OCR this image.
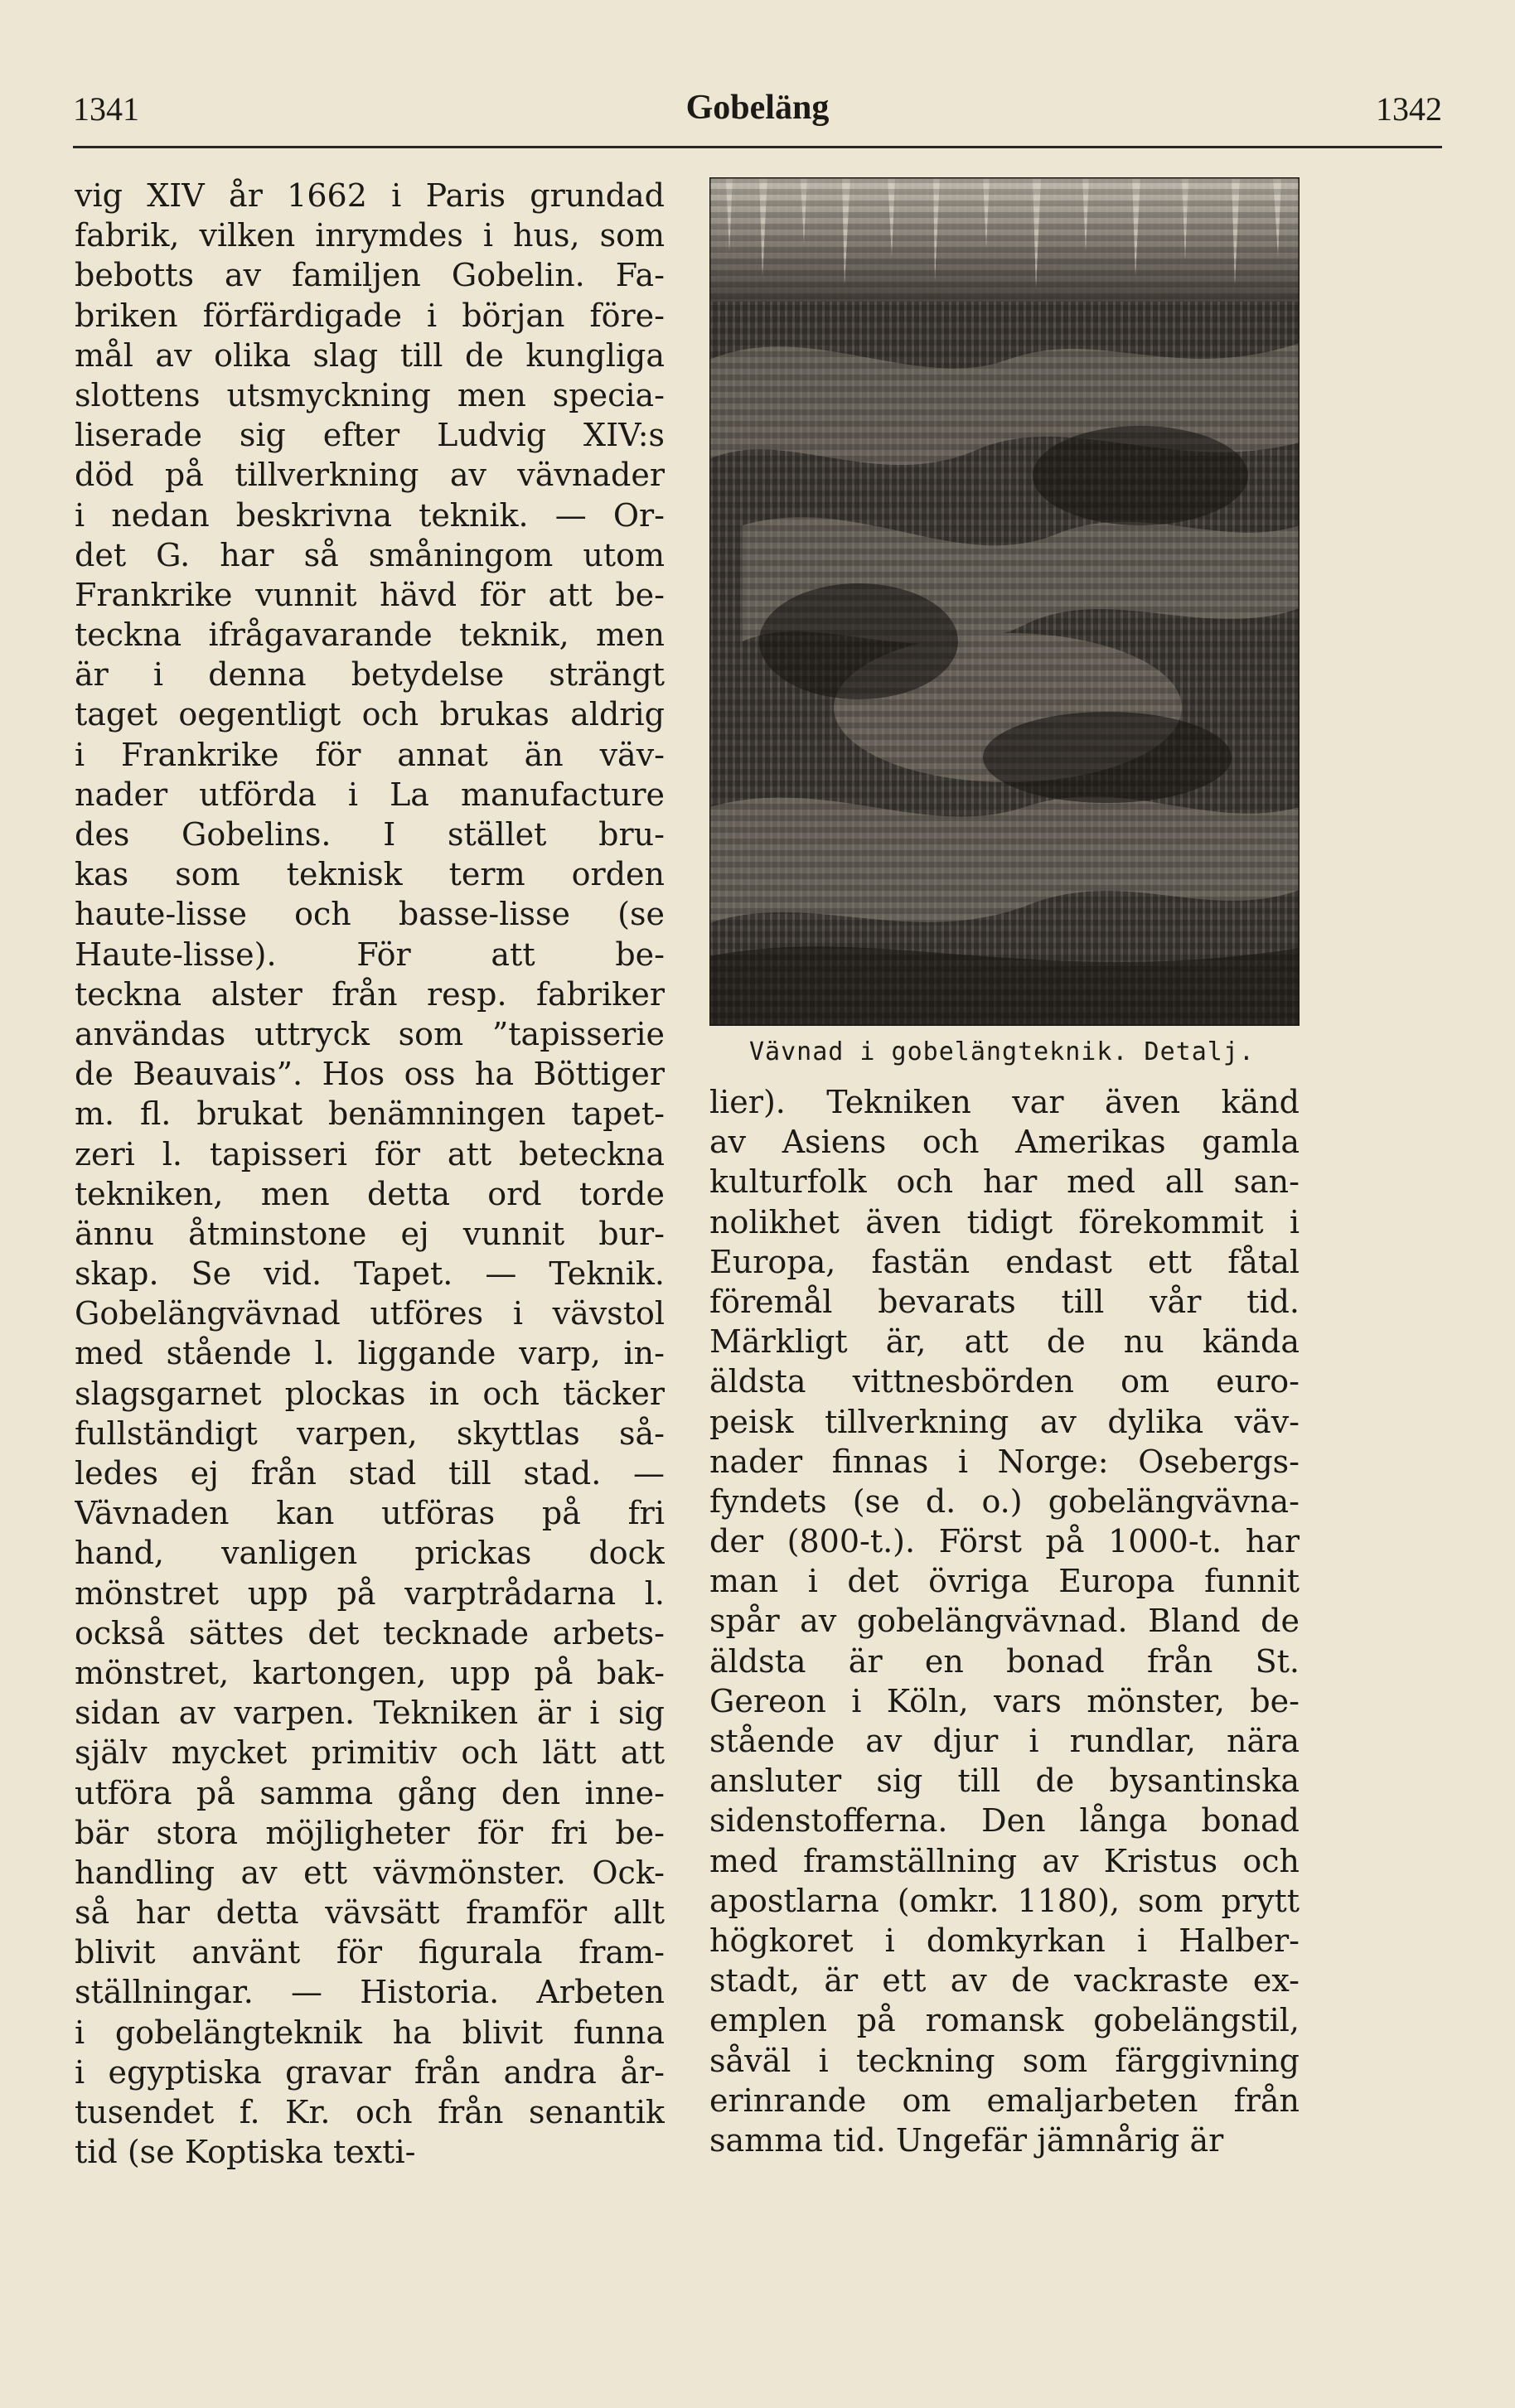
1341	Gobeläng	1342
vig XIV år 1662 i Paris grundad
fabrik, vilken inrymdes i hus, som
bebotts av familjen Gobelin. Fa-
briken förfärdigade i början före-
mål av olika slag till de kungliga
slottens utsmyckning men specia-
liserade sig efter Ludvig XIV:s
död på tillverkning av vävnader
i nedan beskrivna teknik. — Or-
det G. har så småningom utom
Frankrike vunnit hävd för att be-
teckna ifrågavarande teknik, men
är i denna betydelse strängt
taget oegentligt och brukas aldrig
i Frankrike för annat än väv-
nader utförda i La manufacture
des Gobelins. I stället bru-
kas som teknisk term orden
haute-lisse och basse-lisse (se
Haute-lisse). För att be-
teckna alster från resp. fabriker
användas uttryck som ”tapisserie
de Beauvais”. Hos oss ha Böttiger
m. fl. brukat benämningen tapet-
zeri l. tapisseri för att beteckna
tekniken, men detta ord torde
ännu åtminstone ej vunnit bur-
skap. Se vid. Tapet. — Teknik.
Gobelängvävnad utföres i vävstol
med stående l. liggande varp, in-
slagsgarnet plockas in och täcker
fullständigt varpen, skyttlas så-
ledes ej från stad till stad. —
Vävnaden kan utföras på fri
hand, vanligen prickas dock
mönstret upp på varptrådarna l.
också sättes det tecknade arbets-
mönstret, kartongen, upp på bak-
sidan av varpen. Tekniken är i sig
själv mycket primitiv och lätt att
utföra på samma gång den inne-
bär stora möjligheter för fri be-
handling av ett vävmönster. Ock-
så har detta vävsätt framför allt
blivit använt för figurala fram-
ställningar. — Historia. Arbeten
i gobelängteknik ha blivit funna
i egyptiska gravar från andra år-
tusendet f. Kr. och från senantik
tid (se Koptiska texti-
Vävnad i gobelängteknik. Detalj.
lier). Tekniken var även känd
av Asiens och Amerikas gamla
kulturfolk och har med all san-
nolikhet även tidigt förekommit i
Europa, fastän endast ett fåtal
föremål bevarats till vår tid.
Märkligt är, att de nu kända
äldsta vittnesbörden om euro-
peisk tillverkning av dylika väv-
nader finnas i Norge: Osebergs-
fyndets (se d. o.) gobelängvävna-
der (800-t.). Först på 1000-t. har
man i det övriga Europa funnit
spår av gobelängvävnad. Bland de
äldsta är en bonad från St.
Gereon i Köln, vars mönster, be-
stående av djur i rundlar, nära
ansluter sig till de bysantinska
sidenstofferna. Den långa bonad
med framställning av Kristus och
apostlarna (omkr. 1180), som prytt
högkoret i domkyrkan i Halber-
stadt, är ett av de vackraste ex-
emplen på romansk gobelängstil,
såväl i teckning som färggivning
erinrande om emaljarbeten från
samma tid. Ungefär jämnårig är
